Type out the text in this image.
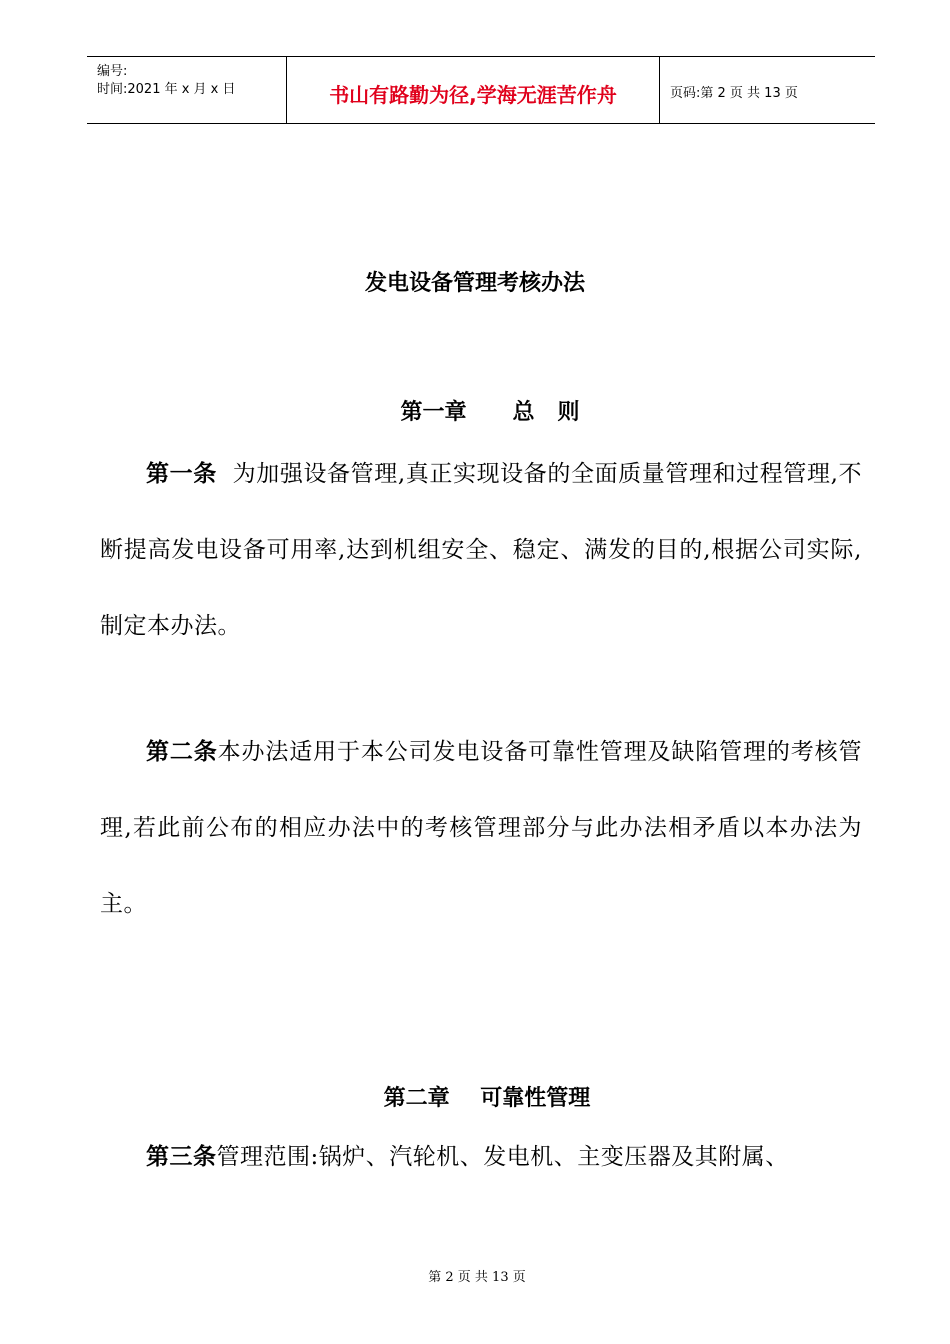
编号:
时间:2021 年 x 月 x 日	书山有路勤为径,学海无涯苦作舟	页码:第 2 页 共 13 页
发电设备管理考核办法
第一章      总   则
第一条  为加强设备管理,真正实现设备的全面质量管理和过程管理,不断提高发电设备可用率,达到机组安全、稳定、满发的目的,根据公司实际,制定本办法。
第二条本办法适用于本公司发电设备可靠性管理及缺陷管理的考核管理,若此前公布的相应办法中的考核管理部分与此办法相矛盾以本办法为主。
第二章    可靠性管理
第三条管理范围:锅炉、汽轮机、发电机、主变压器及其附属、
第 2 页 共 13 页
